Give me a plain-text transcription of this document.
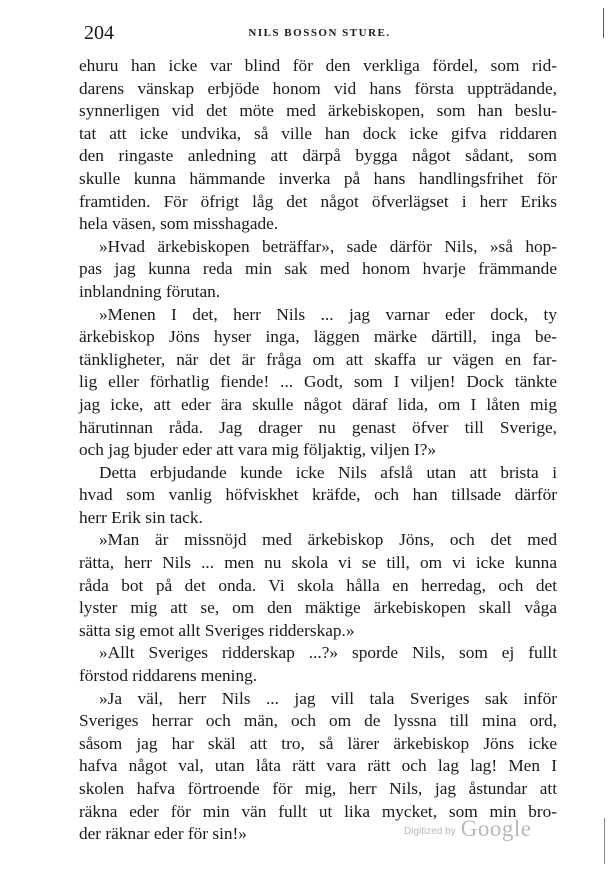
204	NILS BOSSON STURE.

ehuru han icke var blind för den verkliga fördel, som rid-
darens vänskap erbjöde honom vid hans första uppträdande,
synnerligen vid det möte med ärkebiskopen, som han beslu-
tat att icke undvika, så ville han dock icke gifva riddaren
den ringaste anledning att därpå bygga något sådant, som
skulle kunna hämmande inverka på hans handlingsfrihet för
framtiden. För öfrigt låg det något öfverlägset i herr Eriks
hela väsen, som misshagade.

»Hvad ärkebiskopen beträffar», sade därför Nils, »så hop-
pas jag kunna reda min sak med honom hvarje främmande
inblandning förutan.

»Menen I det, herr Nils ... jag varnar eder dock, ty
ärkebiskop Jöns hyser inga, läggen märke därtill, inga be-
tänkligheter, när det är fråga om att skaffa ur vägen en far-
lig eller förhatlig fiende! ... Godt, som I viljen! Dock tänkte
jag icke, att eder ära skulle något däraf lida, om I låten mig
härutinnan råda. Jag drager nu genast öfver till Sverige,
och jag bjuder eder att vara mig följaktig, viljen I?»

Detta erbjudande kunde icke Nils afslå utan att brista i
hvad som vanlig höfviskhet kräfde, och han tillsade därför
herr Erik sin tack.

»Man är missnöjd med ärkebiskop Jöns, och det med
rätta, herr Nils ... men nu skola vi se till, om vi icke kunna
råda bot på det onda. Vi skola hålla en herredag, och det
lyster mig att se, om den mäktige ärkebiskopen skall våga
sätta sig emot allt Sveriges ridderskap.»

»Allt Sveriges ridderskap ...?» sporde Nils, som ej fullt
förstod riddarens mening.

»Ja väl, herr Nils ... jag vill tala Sveriges sak inför
Sveriges herrar och män, och om de lyssna till mina ord,
såsom jag har skäl att tro, så lärer ärkebiskop Jöns icke
hafva något val, utan låta rätt vara rätt och lag lag! Men I
skolen hafva förtroende för mig, herr Nils, jag åstundar att
räkna eder för min vän fullt ut lika mycket, som min bro-
der räknar eder för sin!»	Digitized by Google
